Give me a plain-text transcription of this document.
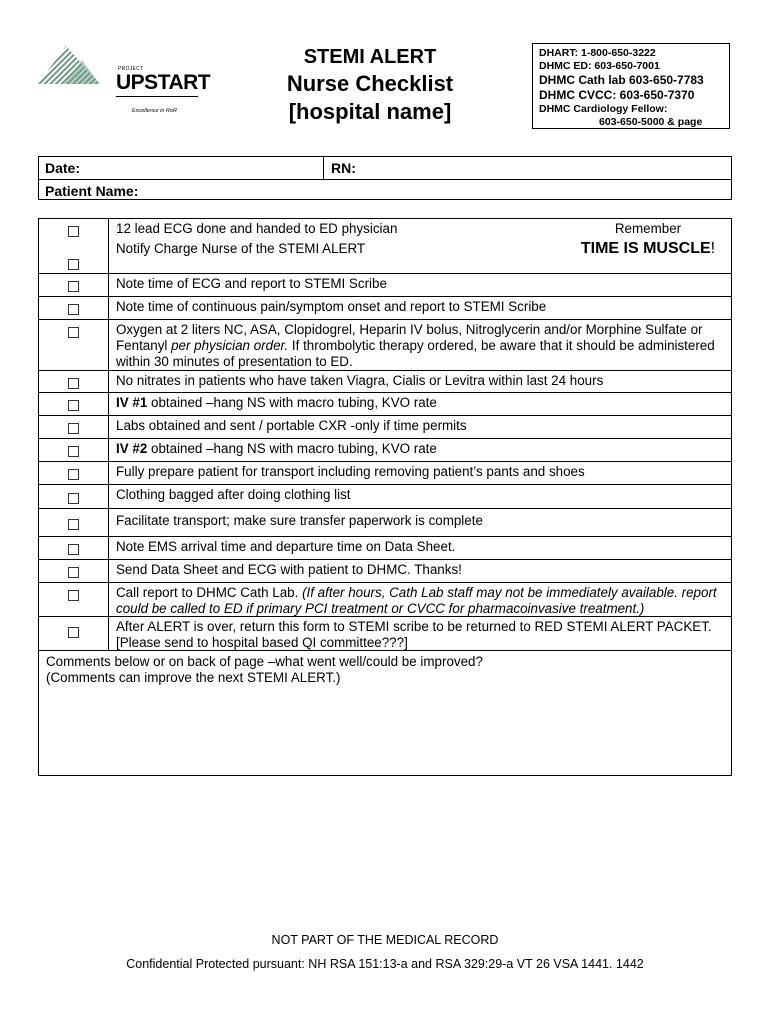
PROJECT
UPSTART
Excellence in RoR
STEMI ALERT
Nurse Checklist
[hospital name]
DHART: 1-800-650-3222
DHMC ED: 603-650-7001
DHMC Cath lab 603-650-7783
DHMC CVCC: 603-650-7370
DHMC Cardiology Fellow:
603-650-5000 & page
Date:	RN:
Patient Name:
12 lead ECG done and handed to ED physician
Notify Charge Nurse of the STEMI ALERT
Remember
TIME IS MUSCLE!
Note time of ECG and report to STEMI Scribe
Note time of continuous pain/symptom onset and report to STEMI Scribe
Oxygen at 2 liters NC, ASA, Clopidogrel, Heparin IV bolus, Nitroglycerin and/or Morphine Sulfate or Fentanyl per physician order. If thrombolytic therapy ordered, be aware that it should be administered within 30 minutes of presentation to ED.
No nitrates in patients who have taken Viagra, Cialis or Levitra within last 24 hours
IV #1 obtained –hang NS with macro tubing, KVO rate
Labs obtained and sent / portable CXR -only if time permits
IV #2 obtained –hang NS with macro tubing, KVO rate
Fully prepare patient for transport including removing patient’s pants and shoes
Clothing bagged after doing clothing list
Facilitate transport; make sure transfer paperwork is complete
Note EMS arrival time and departure time on Data Sheet.
Send Data Sheet and ECG with patient to DHMC. Thanks!
Call report to DHMC Cath Lab. (If after hours, Cath Lab staff may not be immediately available. report could be called to ED if primary PCI treatment or CVCC for pharmacoinvasive treatment.)
After ALERT is over, return this form to STEMI scribe to be returned to RED STEMI ALERT PACKET. [Please send to hospital based QI committee???]
Comments below or on back of page –what went well/could be improved?
(Comments can improve the next STEMI ALERT.)
NOT PART OF THE MEDICAL RECORD
Confidential Protected pursuant: NH RSA 151:13-a and RSA 329:29-a VT 26 VSA 1441. 1442
